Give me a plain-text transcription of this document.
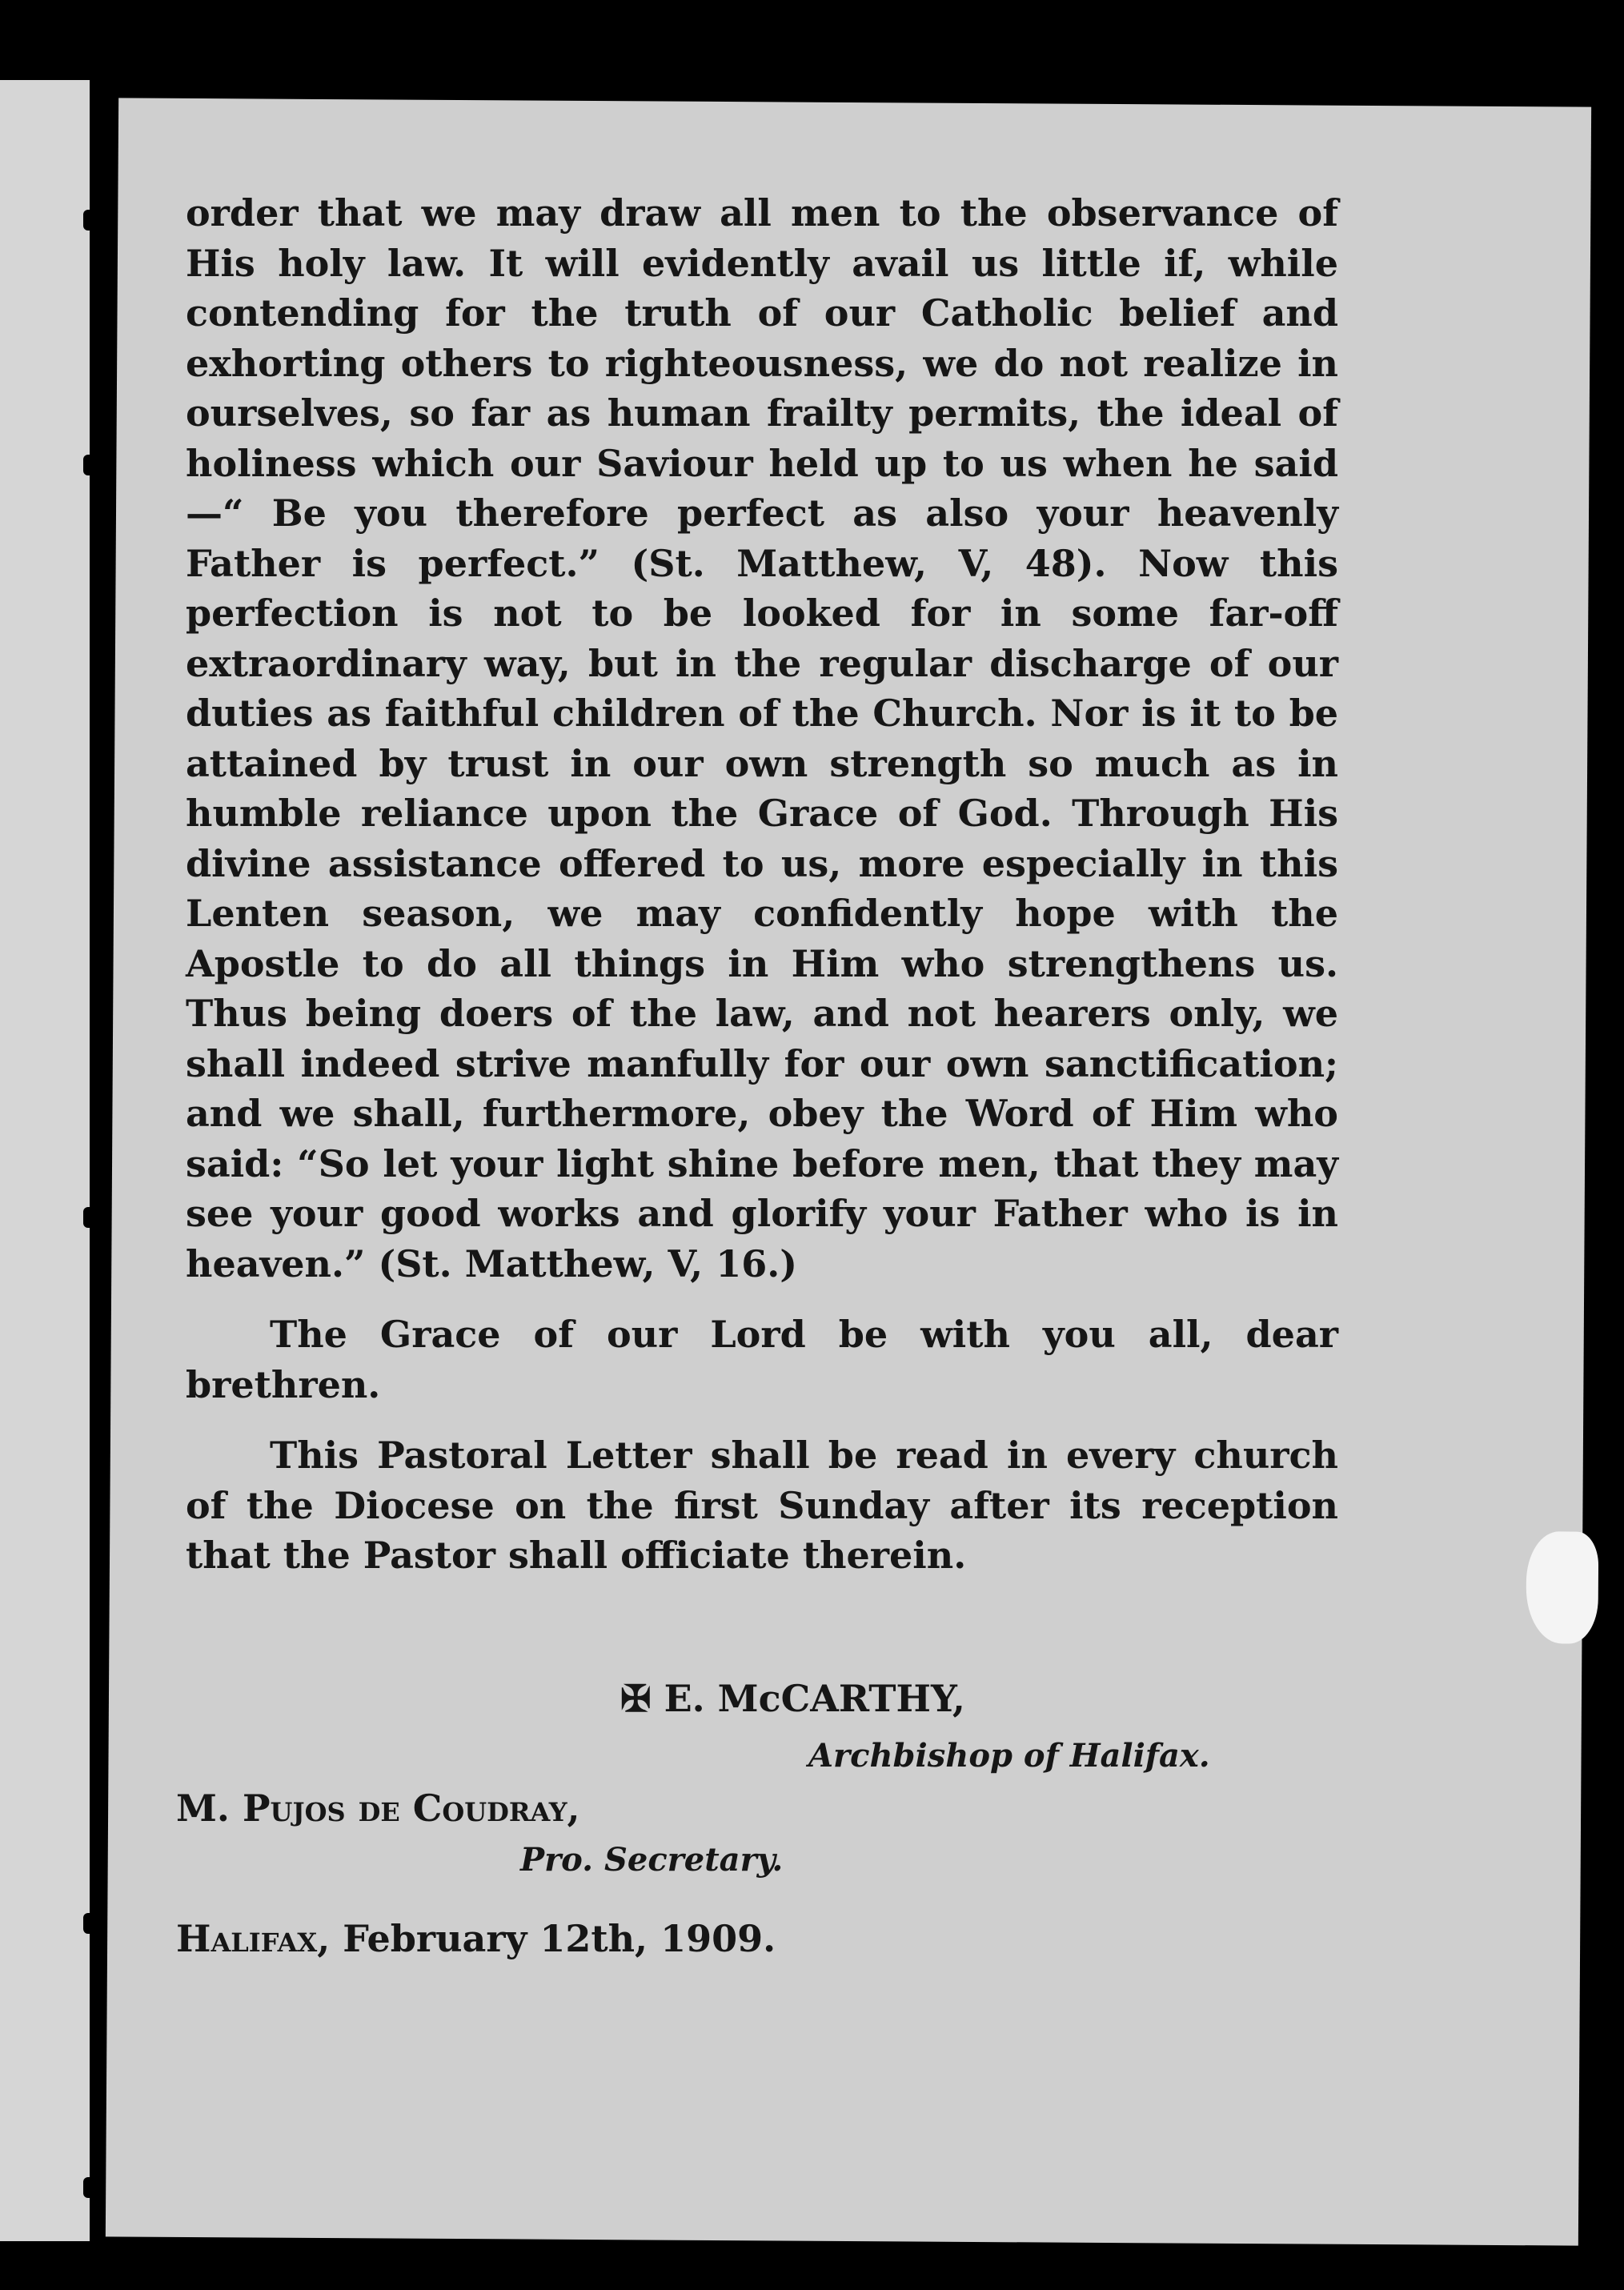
order that we may draw all men to the observance of His holy law. It will evidently avail us little if, while contending for the truth of our Catholic belief and exhorting others to righteousness, we do not realize in ourselves, so far as human frailty permits, the ideal of holiness which our Saviour held up to us when he said—“ Be you therefore perfect as also your heavenly Father is perfect.” (St. Matthew, V, 48). Now this perfection is not to be looked for in some far-off extraordinary way, but in the regular discharge of our duties as faithful children of the Church. Nor is it to be attained by trust in our own strength so much as in humble reliance upon the Grace of God. Through His divine assistance offered to us, more especially in this Lenten season, we may confidently hope with the Apostle to do all things in Him who strengthens us. Thus being doers of the law, and not hearers only, we shall indeed strive manfully for our own sanctification; and we shall, furthermore, obey the Word of Him who said: “So let your light shine before men, that they may see your good works and glorify your Father who is in heaven.” (St. Matthew, V, 16.)

The Grace of our Lord be with you all, dear brethren.

This Pastoral Letter shall be read in every church of the Diocese on the first Sunday after its reception that the Pastor shall officiate therein.

✠ E. McCARTHY,
Archbishop of Halifax.
M. Pujos de Coudray,
Pro. Secretary.
Halifax, February 12th, 1909.
